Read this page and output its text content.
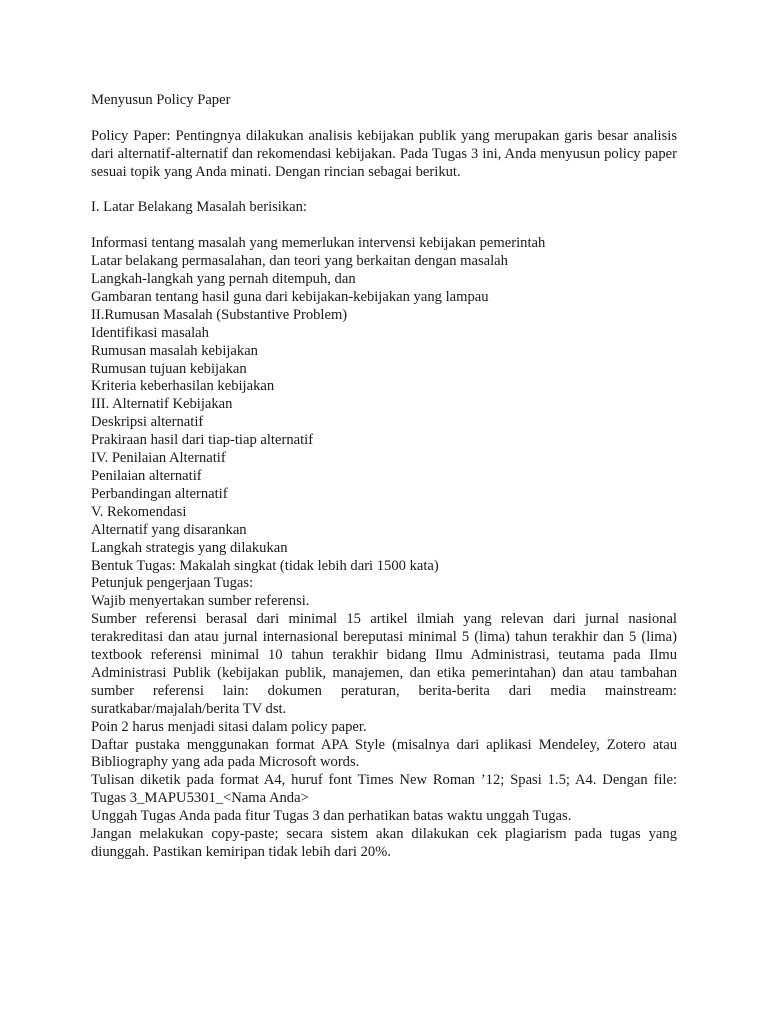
Menyusun Policy Paper

Policy Paper: Pentingnya dilakukan analisis kebijakan publik yang merupakan garis besar analisis dari alternatif-alternatif dan rekomendasi kebijakan. Pada Tugas 3 ini, Anda menyusun policy paper sesuai topik yang Anda minati. Dengan rincian sebagai berikut.

I. Latar Belakang Masalah berisikan:

Informasi tentang masalah yang memerlukan intervensi kebijakan pemerintah

Latar belakang permasalahan, dan teori yang berkaitan dengan masalah

Langkah-langkah yang pernah ditempuh, dan

Gambaran tentang hasil guna dari kebijakan-kebijakan yang lampau

II.Rumusan Masalah (Substantive Problem)

Identifikasi masalah

Rumusan masalah kebijakan

Rumusan tujuan kebijakan

Kriteria keberhasilan kebijakan

III. Alternatif Kebijakan

Deskripsi alternatif

Prakiraan hasil dari tiap-tiap alternatif

IV. Penilaian Alternatif

Penilaian alternatif

Perbandingan alternatif

V. Rekomendasi

Alternatif yang disarankan

Langkah strategis yang dilakukan

Bentuk Tugas: Makalah singkat (tidak lebih dari 1500 kata)

Petunjuk pengerjaan Tugas:

Wajib menyertakan sumber referensi.

Sumber referensi berasal dari minimal 15 artikel ilmiah yang relevan dari jurnal nasional terakreditasi dan atau jurnal internasional bereputasi minimal 5 (lima) tahun terakhir dan 5 (lima) textbook referensi minimal 10 tahun terakhir bidang Ilmu Administrasi, teutama pada Ilmu Administrasi Publik (kebijakan publik, manajemen, dan etika pemerintahan) dan atau tambahan sumber referensi lain: dokumen peraturan, berita-berita dari media mainstream: suratkabar/majalah/berita TV dst.

Poin 2 harus menjadi sitasi dalam policy paper.

Daftar pustaka menggunakan format APA Style (misalnya dari aplikasi Mendeley, Zotero atau Bibliography yang ada pada Microsoft words.

Tulisan diketik pada format A4, huruf font Times New Roman ’12; Spasi 1.5; A4. Dengan file: Tugas 3_MAPU5301_<Nama Anda>

Unggah Tugas Anda pada fitur Tugas 3 dan perhatikan batas waktu unggah Tugas.

Jangan melakukan copy-paste; secara sistem akan dilakukan cek plagiarism pada tugas yang diunggah. Pastikan kemiripan tidak lebih dari 20%.
